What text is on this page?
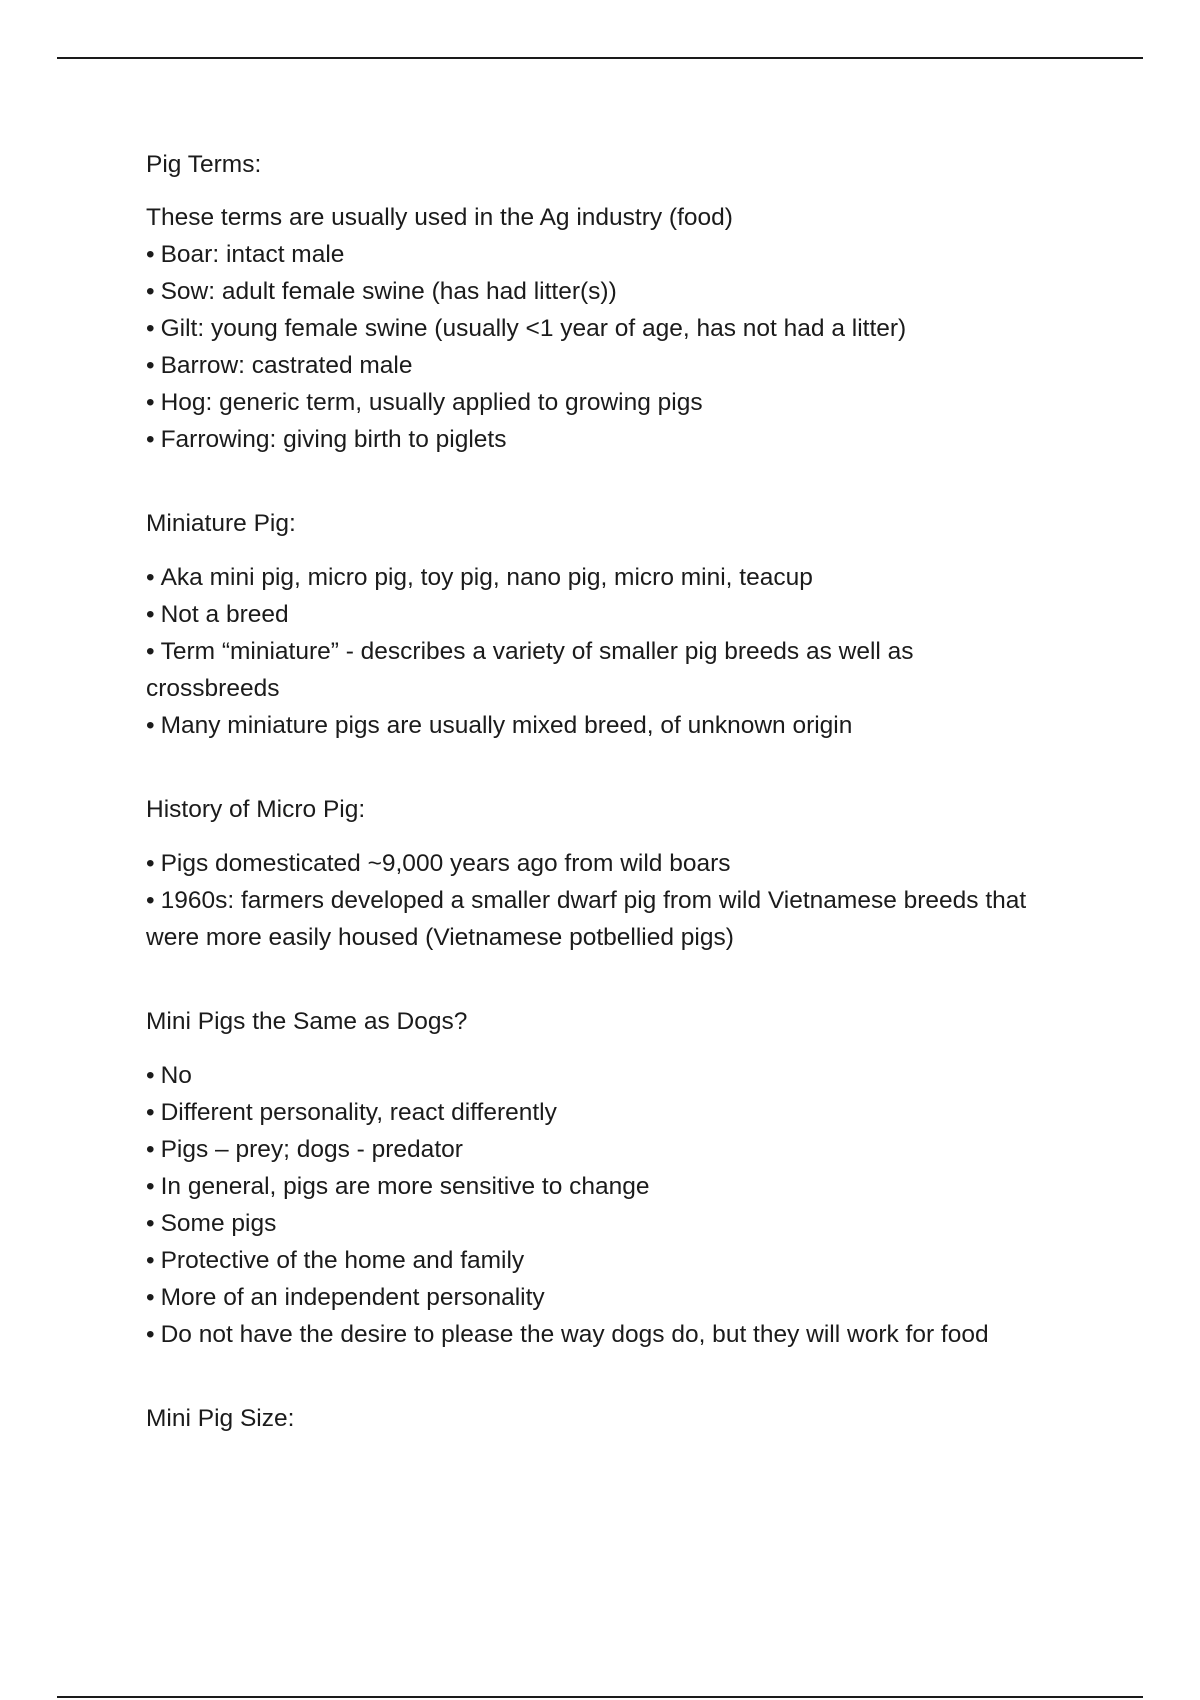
Pig Terms:

These terms are usually used in the Ag industry (food)

• Boar: intact male

• Sow: adult female swine (has had litter(s))

• Gilt: young female swine (usually <1 year of age, has not had a litter)

• Barrow: castrated male

• Hog: generic term, usually applied to growing pigs

• Farrowing: giving birth to piglets

Miniature Pig:

• Aka mini pig, micro pig, toy pig, nano pig, micro mini, teacup

• Not a breed

• Term “miniature” - describes a variety of smaller pig breeds as well as

crossbreeds

• Many miniature pigs are usually mixed breed, of unknown origin

History of Micro Pig:

• Pigs domesticated ~9,000 years ago from wild boars

• 1960s: farmers developed a smaller dwarf pig from wild Vietnamese breeds that

were more easily housed (Vietnamese potbellied pigs)

Mini Pigs the Same as Dogs?

• No

• Different personality, react differently

• Pigs – prey; dogs - predator

• In general, pigs are more sensitive to change

• Some pigs

• Protective of the home and family

• More of an independent personality

• Do not have the desire to please the way dogs do, but they will work for food

Mini Pig Size:
